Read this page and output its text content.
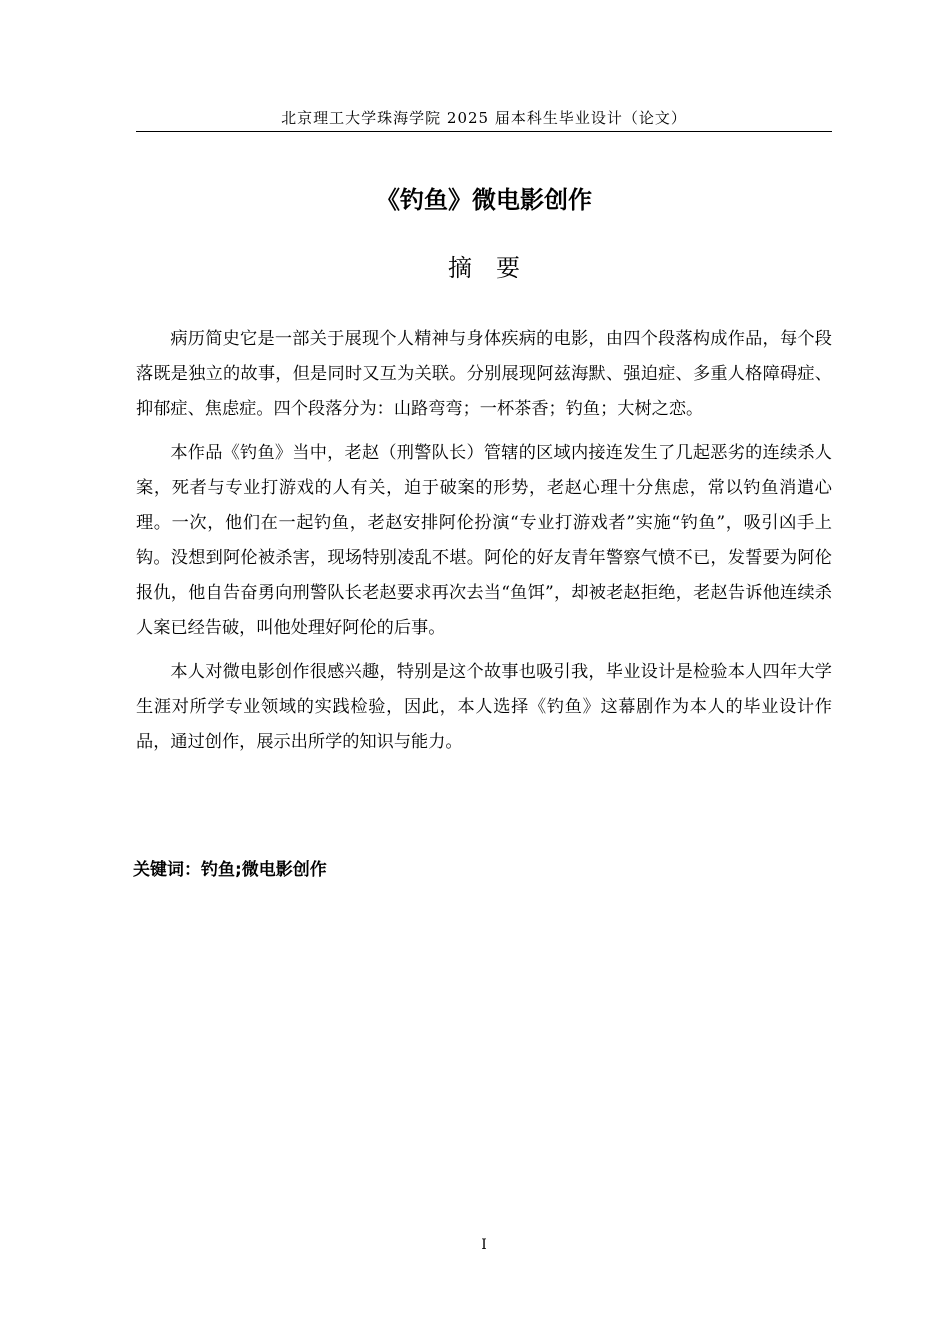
北京理工大学珠海学院 2025 届本科生毕业设计（论文）
《钓鱼》微电影创作
摘要

病历简史它是一部关于展现个人精神与身体疾病的电影，由四个段落构成作品，每个段落既是独立的故事，但是同时又互为关联。分别展现阿兹海默、强迫症、多重人格障碍症、抑郁症、焦虑症。四个段落分为：山路弯弯；一杯茶香；钓鱼；大树之恋。

本作品《钓鱼》当中，老赵（刑警队长）管辖的区域内接连发生了几起恶劣的连续杀人案，死者与专业打游戏的人有关，迫于破案的形势，老赵心理十分焦虑，常以钓鱼消遣心理。一次，他们在一起钓鱼，老赵安排阿伦扮演“专业打游戏者”实施“钓鱼”，吸引凶手上钩。没想到阿伦被杀害，现场特别凌乱不堪。阿伦的好友青年警察气愤不已，发誓要为阿伦报仇，他自告奋勇向刑警队长老赵要求再次去当“鱼饵”，却被老赵拒绝，老赵告诉他连续杀人案已经告破，叫他处理好阿伦的后事。

本人对微电影创作很感兴趣，特别是这个故事也吸引我，毕业设计是检验本人四年大学生涯对所学专业领域的实践检验，因此，本人选择《钓鱼》这幕剧作为本人的毕业设计作品，通过创作，展示出所学的知识与能力。

关键词：钓鱼;微电影创作
I
